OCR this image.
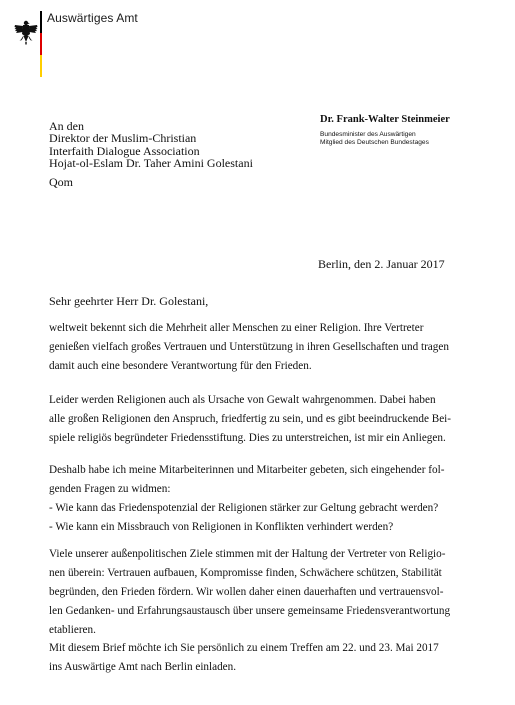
Auswärtiges Amt
Dr. Frank-Walter Steinmeier
Bundesminister des Auswärtigen
Mitglied des Deutschen Bundestages
An den
Direktor der Muslim-Christian
Interfaith Dialogue Association
Hojat-ol-Eslam Dr. Taher Amini Golestani
Qom
Berlin, den 2. Januar 2017
Sehr geehrter Herr Dr. Golestani,
weltweit bekennt sich die Mehrheit aller Menschen zu einer Religion. Ihre Vertreter
genießen vielfach großes Vertrauen und Unterstützung in ihren Gesellschaften und tragen
damit auch eine besondere Verantwortung für den Frieden.
Leider werden Religionen auch als Ursache von Gewalt wahrgenommen. Dabei haben
alle großen Religionen den Anspruch, friedfertig zu sein, und es gibt beeindruckende Bei-
spiele religiös begründeter Friedensstiftung. Dies zu unterstreichen, ist mir ein Anliegen.
Deshalb habe ich meine Mitarbeiterinnen und Mitarbeiter gebeten, sich eingehender fol-
genden Fragen zu widmen:
- Wie kann das Friedenspotenzial der Religionen stärker zur Geltung gebracht werden?
- Wie kann ein Missbrauch von Religionen in Konflikten verhindert werden?
Viele unserer außenpolitischen Ziele stimmen mit der Haltung der Vertreter von Religio-
nen überein: Vertrauen aufbauen, Kompromisse finden, Schwächere schützen, Stabilität
begründen, den Frieden fördern. Wir wollen daher einen dauerhaften und vertrauensvol-
len Gedanken- und Erfahrungsaustausch über unsere gemeinsame Friedensverantwortung
etablieren.
Mit diesem Brief möchte ich Sie persönlich zu einem Treffen am 22. und 23. Mai 2017
ins Auswärtige Amt nach Berlin einladen.
